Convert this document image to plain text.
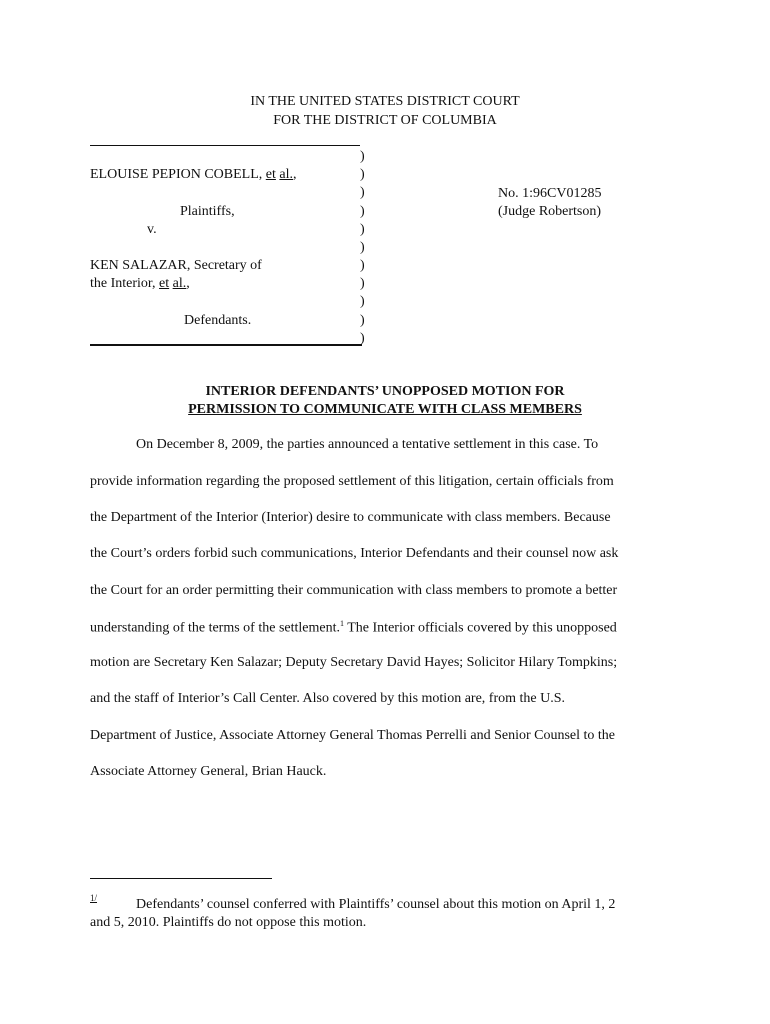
IN THE UNITED STATES DISTRICT COURT
FOR THE DISTRICT OF COLUMBIA
ELOUISE PEPION COBELL, et al.,
Plaintiffs,
v.
KEN SALAZAR, Secretary of
the Interior, et al.,
Defendants.
)
)
)
)
)
)
)
)
)
)
)
No. 1:96CV01285
(Judge Robertson)
INTERIOR DEFENDANTS’ UNOPPOSED MOTION FOR
PERMISSION TO COMMUNICATE WITH CLASS MEMBERS
On December 8, 2009, the parties announced a tentative settlement in this case. To
provide information regarding the proposed settlement of this litigation, certain officials from
the Department of the Interior (Interior) desire to communicate with class members. Because
the Court’s orders forbid such communications, Interior Defendants and their counsel now ask
the Court for an order permitting their communication with class members to promote a better
understanding of the terms of the settlement.$^1$ The Interior officials covered by this unopposed
motion are Secretary Ken Salazar; Deputy Secretary David Hayes; Solicitor Hilary Tompkins;
and the staff of Interior’s Call Center. Also covered by this motion are, from the U.S.
Department of Justice, Associate Attorney General Thomas Perrelli and Senior Counsel to the
Associate Attorney General, Brian Hauck.
1/	Defendants’ counsel conferred with Plaintiffs’ counsel about this motion on April 1, 2
and 5, 2010. Plaintiffs do not oppose this motion.
